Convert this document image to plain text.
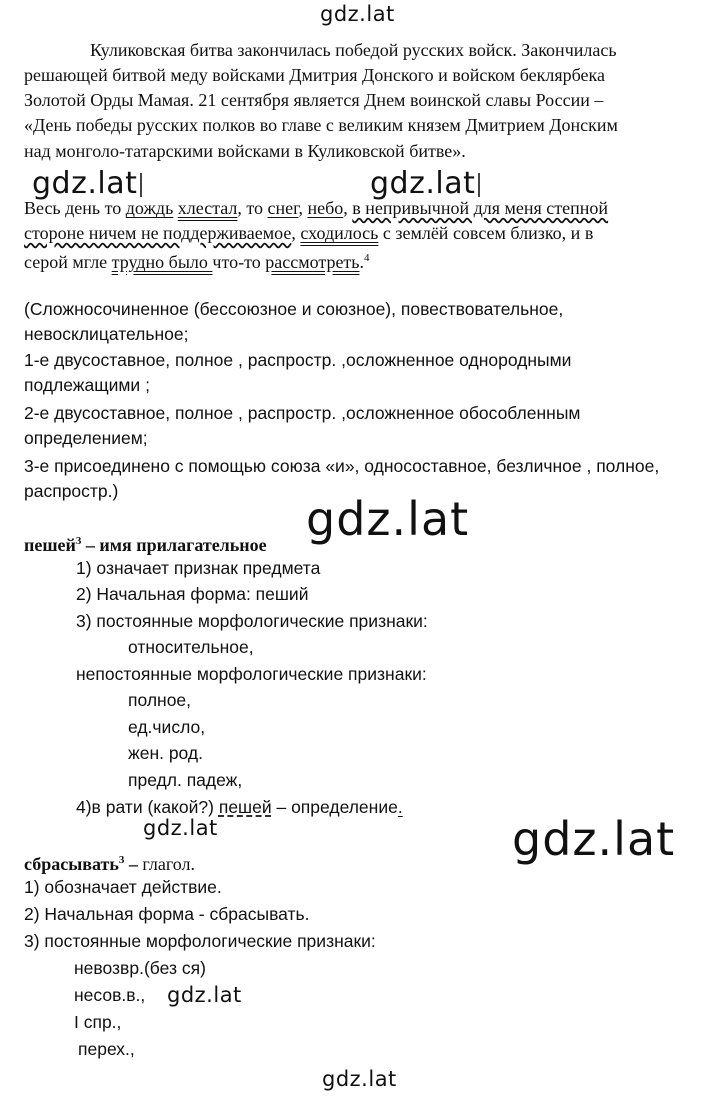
gdz.lat
gdz.lat	gdz.lat
gdz.lat
gdz.lat	gdz.lat
gdz.lat
gdz.lat
Куликовская битва закончилась победой русских войск. Закончилась
решающей битвой меду войсками Дмитрия Донского и войском беклярбека
Золотой Орды Мамая. 21 сентября является Днем воинской славы России –
«День победы русских полков во главе с великим князем Дмитрием Донским
над монголо-татарскими войсками в Куликовской битве».
Весь день то дождь хлестал, то снег, небо, в непривычной для меня степной
стороне ничем не поддерживаемое, сходилось с землёй совсем близко, и в
серой мгле трудно было что-то рассмотреть.$^4$
(Сложносочиненное (бессоюзное и союзное), повествовательное,
невосклицательное;
1-е двусоставное, полное , распростр. ,осложненное однородными
подлежащими ;
2-е двусоставное, полное , распростр. ,осложненное обособленным
определением;
3-е присоединено с помощью союза «и», односоставное, безличное , полное,
распростр.)
пешей$^3$ – имя прилагательное
1) означает признак предмета
2) Начальная форма: пеший
3) постоянные морфологические признаки:
относительное,
непостоянные морфологические признаки:
полное,
ед.число,
жен. род.
предл. падеж,
4)в рати (какой?) пешей – определение.
сбрасывать$^3$ – глагол.
1) обозначает действие.
2) Начальная форма - сбрасывать.
3) постоянные морфологические признаки:
невозвр.(без ся)
несов.в.,
I спр.,
перех.,
